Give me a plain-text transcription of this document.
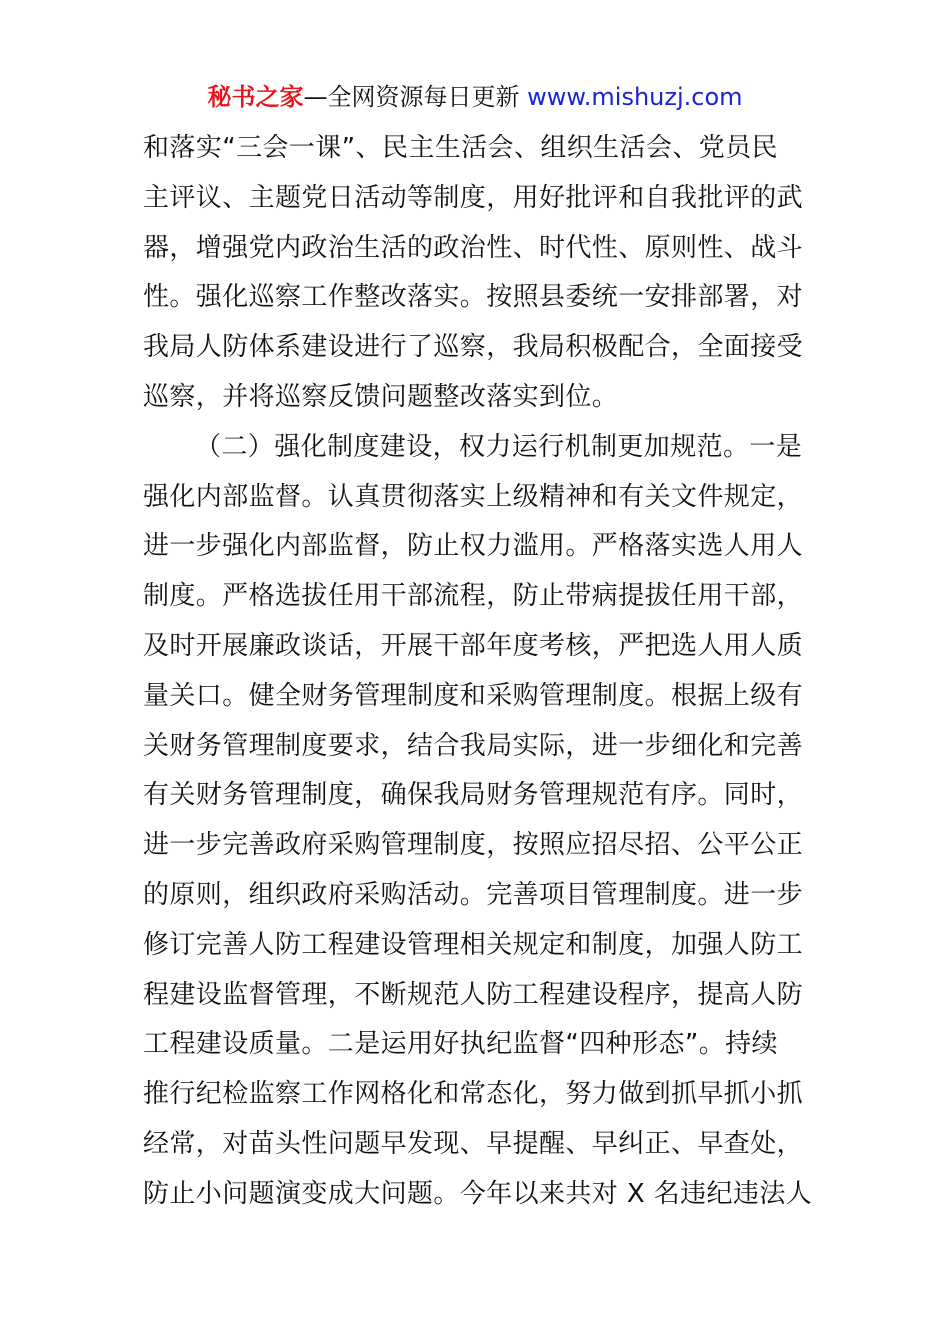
秘书之家—全网资源每日更新 www.mishuzj.com
和落实“三会一课”、民主生活会、组织生活会、党员民
主评议、主题党日活动等制度，用好批评和自我批评的武
器，增强党内政治生活的政治性、时代性、原则性、战斗
性。强化巡察工作整改落实。按照县委统一安排部署，对
我局人防体系建设进行了巡察，我局积极配合，全面接受
巡察，并将巡察反馈问题整改落实到位。
（二）强化制度建设，权力运行机制更加规范。一是
强化内部监督。认真贯彻落实上级精神和有关文件规定，
进一步强化内部监督，防止权力滥用。严格落实选人用人
制度。严格选拔任用干部流程，防止带病提拔任用干部，
及时开展廉政谈话，开展干部年度考核，严把选人用人质
量关口。健全财务管理制度和采购管理制度。根据上级有
关财务管理制度要求，结合我局实际，进一步细化和完善
有关财务管理制度，确保我局财务管理规范有序。同时，
进一步完善政府采购管理制度，按照应招尽招、公平公正
的原则，组织政府采购活动。完善项目管理制度。进一步
修订完善人防工程建设管理相关规定和制度，加强人防工
程建设监督管理，不断规范人防工程建设程序，提高人防
工程建设质量。二是运用好执纪监督“四种形态”。持续
推行纪检监察工作网格化和常态化，努力做到抓早抓小抓
经常，对苗头性问题早发现、早提醒、早纠正、早查处，
防止小问题演变成大问题。今年以来共对 X 名违纪违法人
